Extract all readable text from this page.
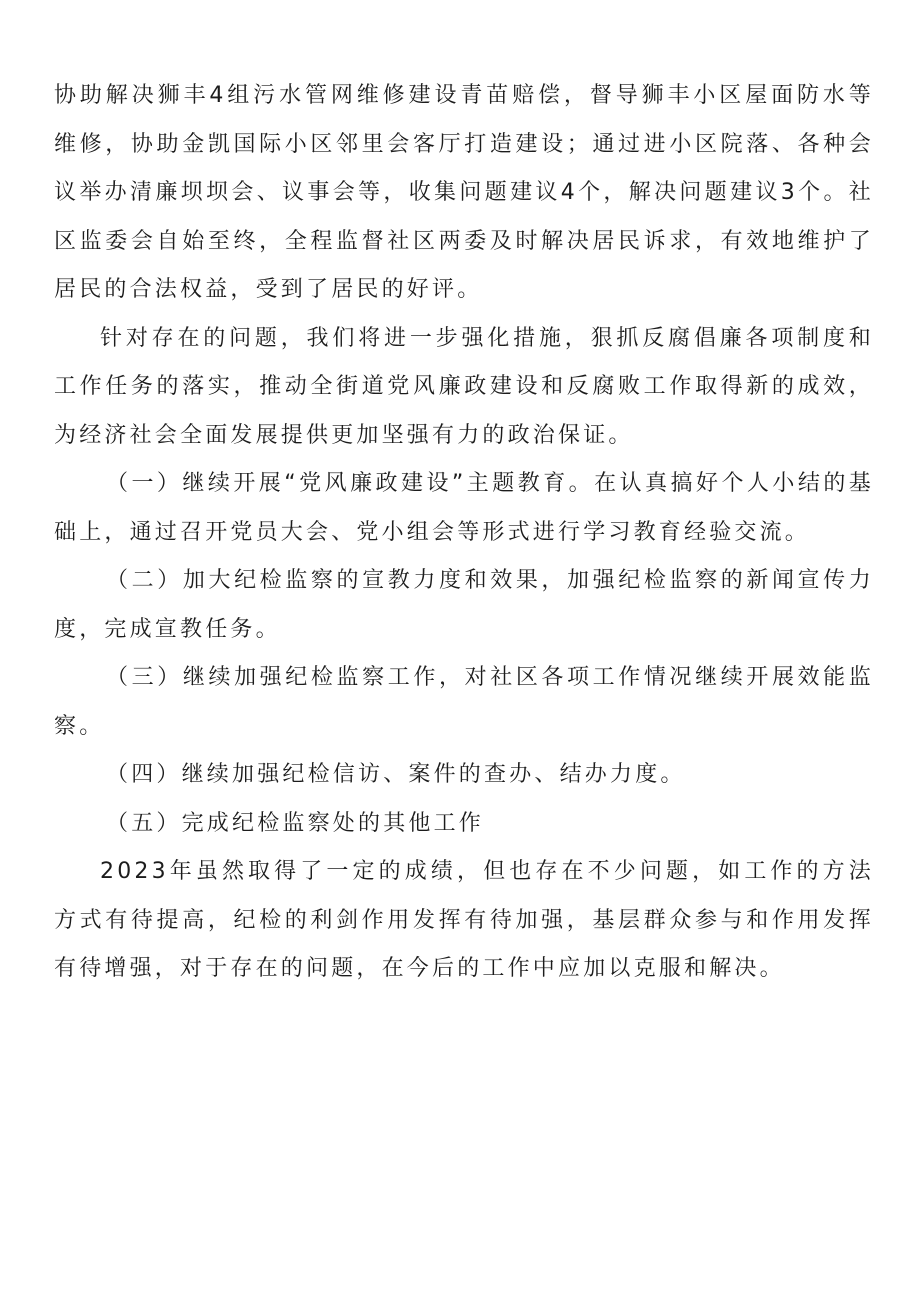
协助解决狮丰4组污水管网维修建设青苗赔偿，督导狮丰小区屋面防水等维修，协助金凯国际小区邻里会客厅打造建设；通过进小区院落、各种会议举办清廉坝坝会、议事会等，收集问题建议4个，解决问题建议3个。社区监委会自始至终，全程监督社区两委及时解决居民诉求，有效地维护了居民的合法权益，受到了居民的好评。

针对存在的问题，我们将进一步强化措施，狠抓反腐倡廉各项制度和工作任务的落实，推动全街道党风廉政建设和反腐败工作取得新的成效，为经济社会全面发展提供更加坚强有力的政治保证。

（一）继续开展“党风廉政建设”主题教育。在认真搞好个人小结的基础上，通过召开党员大会、党小组会等形式进行学习教育经验交流。

（二）加大纪检监察的宣教力度和效果，加强纪检监察的新闻宣传力度，完成宣教任务。

（三）继续加强纪检监察工作，对社区各项工作情况继续开展效能监察。

（四）继续加强纪检信访、案件的查办、结办力度。

（五）完成纪检监察处的其他工作

2023年虽然取得了一定的成绩，但也存在不少问题，如工作的方法方式有待提高，纪检的利剑作用发挥有待加强，基层群众参与和作用发挥有待增强，对于存在的问题，在今后的工作中应加以克服和解决。
